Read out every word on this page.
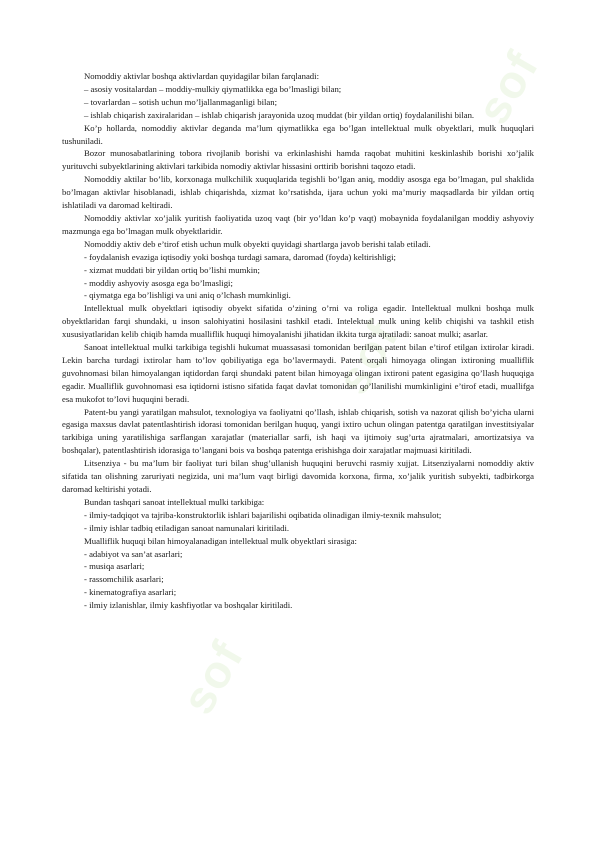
sof
sof
sof

Nomoddiy aktivlar boshqa aktivlardan quyidagilar bilan farqlanadi:

– asosiy vositalardan – moddiy-mulkiy qiymatlikka ega bo’lmasligi bilan;

– tovarlardan – sotish uchun mo’ljallanmaganligi bilan;

– ishlab chiqarish zaxiralaridan – ishlab chiqarish jarayonida uzoq muddat (bir yildan ortiq) foydalanilishi bilan.

Ko’p hollarda, nomoddiy aktivlar deganda ma’lum qiymatlikka ega bo’lgan intellektual mulk obyektlari, mulk huquqlari tushuniladi.

Bozor munosabatlarining tobora rivojlanib borishi va erkinlashishi hamda raqobat muhitini keskinlashib borishi xo’jalik yurituvchi subyektlarining aktivlari tarkibida nomodiy aktivlar hissasini orttirib borishni taqozo etadi.

Nomoddiy aktilar bo’lib, korxonaga mulkchilik xuquqlarida tegishli bo’lgan aniq, moddiy asosga ega bo’lmagan, pul shaklida bo’lmagan aktivlar hisoblanadi, ishlab chiqarishda, xizmat ko’rsatishda, ijara uchun yoki ma’muriy maqsadlarda bir yildan ortiq ishlatiladi va daromad keltiradi.

Nomoddiy aktivlar xo’jalik yuritish faoliyatida uzoq vaqt (bir yo’ldan ko’p vaqt) mobaynida foydalanilgan moddiy ashyoviy mazmunga ega bo’lmagan mulk obyektlaridir.

Nomoddiy aktiv deb e’tirof etish uchun mulk obyekti quyidagi shartlarga javob berishi talab etiladi.

- foydalanish evaziga iqtisodiy yoki boshqa turdagi samara, daromad (foyda) keltirishligi;

- xizmat muddati bir yildan ortiq bo’lishi mumkin;

- moddiy ashyoviy asosga ega bo’lmasligi;

- qiymatga ega bo’lishligi va uni aniq o’lchash mumkinligi.

Intellektual mulk obyektlari iqtisodiy obyekt sifatida o’zining o’rni va roliga egadir. Intellektual mulkni boshqa mulk obyektlaridan farqi shundaki, u inson salohiyatini hosilasini tashkil etadi. Intelektual mulk uning kelib chiqishi va tashkil etish xususiyatlaridan kelib chiqib hamda mualliflik huquqi himoyalanishi jihatidan ikkita turga ajratiladi: sanoat mulki; asarlar.

Sanoat intellektual mulki tarkibiga tegishli hukumat muassasasi tomonidan berilgan patent bilan e’tirof etilgan ixtirolar kiradi. Lekin barcha turdagi ixtirolar ham to’lov qobiliyatiga ega bo’lavermaydi. Patent orqali himoyaga olingan ixtironing mualliflik guvohnomasi bilan himoyalangan iqtidordan farqi shundaki patent bilan himoyaga olingan ixtironi patent egasigina qo’llash huquqiga egadir. Mualliflik guvohnomasi esa iqtidorni istisno sifatida faqat davlat tomonidan qo’llanilishi mumkinligini e’tirof etadi, muallifga esa mukofot to’lovi huquqini beradi.

Patent-bu yangi yaratilgan mahsulot, texnologiya va faoliyatni qo’llash, ishlab chiqarish, sotish va nazorat qilish bo’yicha ularni egasiga maxsus davlat patentlashtirish idorasi tomonidan berilgan huquq, yangi ixtiro uchun olingan patentga qaratilgan investitsiyalar tarkibiga uning yaratilishiga sarflangan xarajatlar (materiallar sarfi, ish haqi va ijtimoiy sug’urta ajratmalari, amortizatsiya va boshqalar), patentlashtirish idorasiga to’langani bois va boshqa patentga erishishga doir xarajatlar majmuasi kiritiladi.

Litsenziya - bu ma’lum bir faoliyat turi bilan shug’ullanish huquqini beruvchi rasmiy xujjat. Litsenziyalarni nomoddiy aktiv sifatida tan olishning zaruriyati negizida, uni ma’lum vaqt birligi davomida korxona, firma, xo’jalik yuritish subyekti, tadbirkorga daromad keltirishi yotadi.

Bundan tashqari sanoat intellektual mulki tarkibiga:

- ilmiy-tadqiqot va tajriba-konstruktorlik ishlari bajarilishi oqibatida olinadigan ilmiy-texnik mahsulot;

- ilmiy ishlar tadbiq etiladigan sanoat namunalari kiritiladi.

Mualliflik huquqi bilan himoyalanadigan intellektual mulk obyektlari sirasiga:

- adabiyot va san’at asarlari;

- musiqa asarlari;

- rassomchilik asarlari;

- kinematografiya asarlari;

- ilmiy izlanishlar, ilmiy kashfiyotlar va boshqalar kiritiladi.
